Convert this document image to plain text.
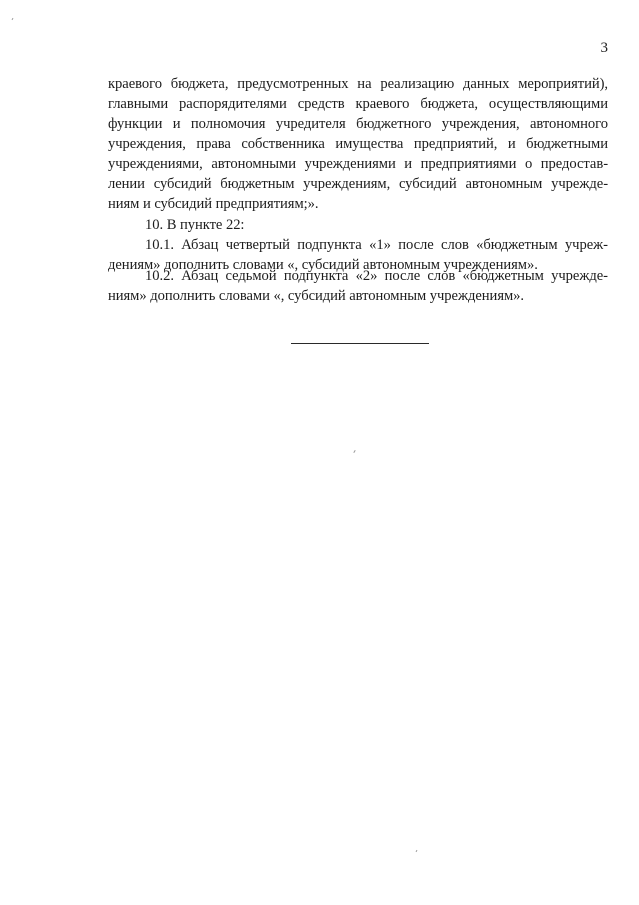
3
краевого бюджета, предусмотренных на реализацию данных мероприятий),
главными распорядителями средств краевого бюджета, осуществляющими
функции и полномочия учредителя бюджетного учреждения, автономного
учреждения, права собственника имущества предприятий, и бюджетными
учреждениями, автономными учреждениями и предприятиями о предостав-
лении субсидий бюджетным учреждениям, субсидий автономным учрежде-
ниям и субсидий предприятиям;».
10. В пункте 22:
10.1. Абзац четвертый подпункта «1» после слов «бюджетным учреж-
дениям» дополнить словами «, субсидий автономным учреждениям».
10.2. Абзац седьмой подпункта «2» после слов «бюджетным учрежде-
ниям» дополнить словами «, субсидий автономным учреждениям».
